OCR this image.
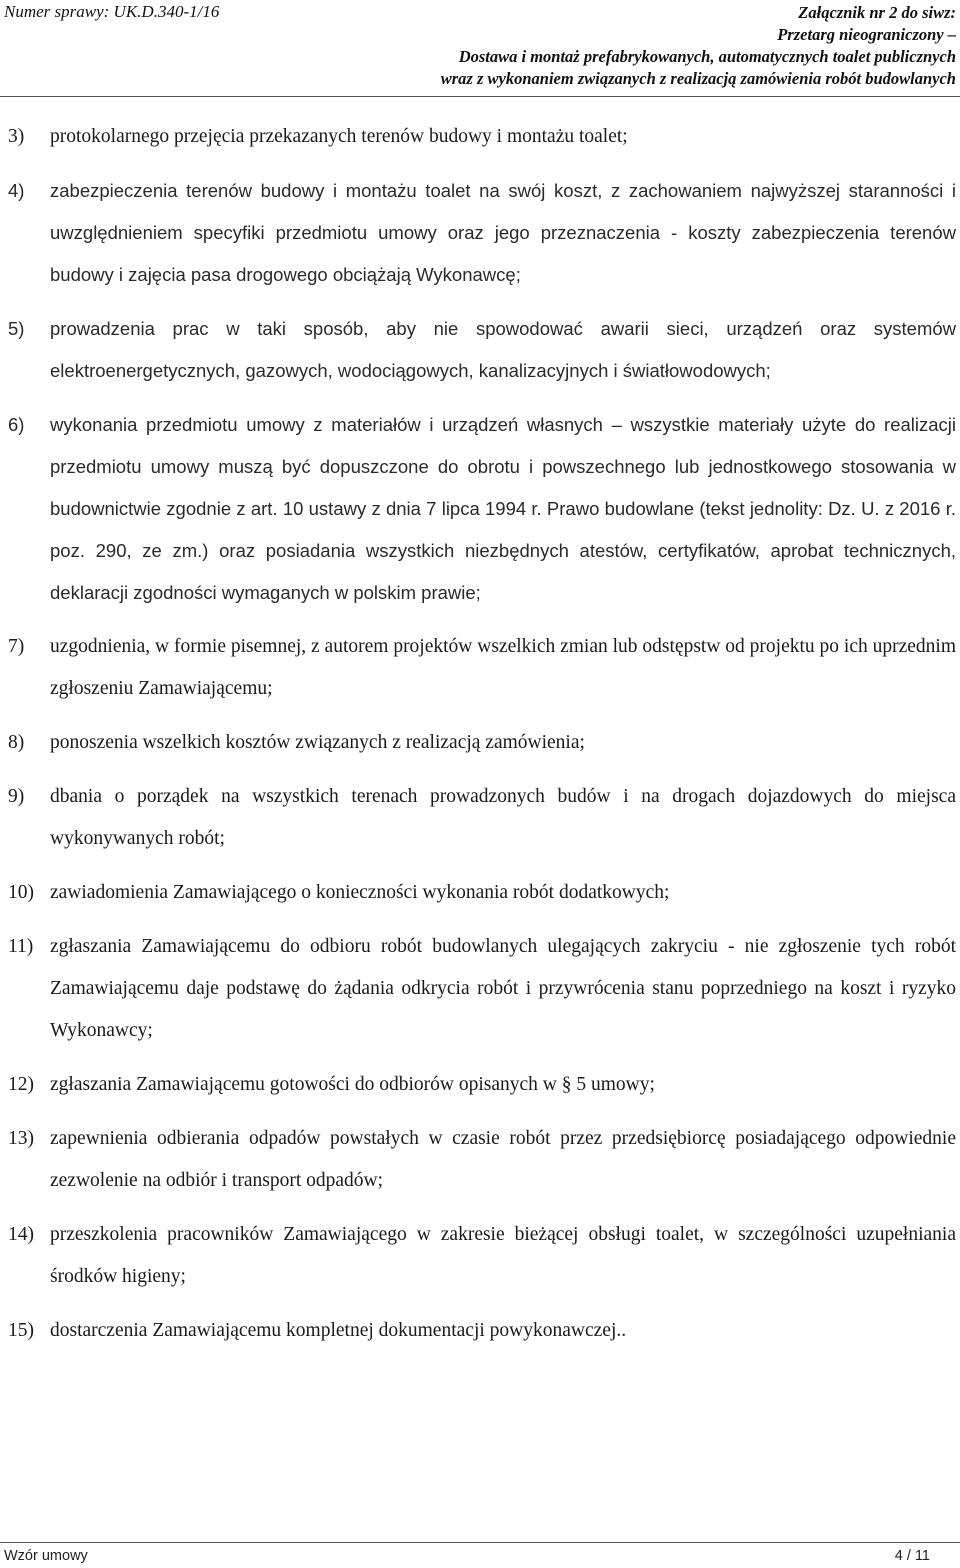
Numer sprawy: UK.D.340-1/16	Załącznik nr 2 do siwz:
Przetarg nieograniczony –
Dostawa i montaż prefabrykowanych, automatycznych toalet publicznych
wraz z wykonaniem związanych z realizacją zamówienia robót budowlanych
3) protokolarnego przejęcia przekazanych terenów budowy i montażu toalet;
4) zabezpieczenia terenów budowy i montażu toalet na swój koszt, z zachowaniem najwyższej staranności i uwzględnieniem specyfiki przedmiotu umowy oraz jego przeznaczenia - koszty zabezpieczenia terenów budowy i zajęcia pasa drogowego obciążają Wykonawcę;
5) prowadzenia prac w taki sposób, aby nie spowodować awarii sieci, urządzeń oraz systemów elektroenergetycznych, gazowych, wodociągowych, kanalizacyjnych i światłowodowych;
6) wykonania przedmiotu umowy z materiałów i urządzeń własnych – wszystkie materiały użyte do realizacji przedmiotu umowy muszą być dopuszczone do obrotu i powszechnego lub jednostkowego stosowania w budownictwie zgodnie z art. 10 ustawy z dnia 7 lipca 1994 r. Prawo budowlane (tekst jednolity: Dz. U. z 2016 r. poz. 290, ze zm.) oraz posiadania wszystkich niezbędnych atestów, certyfikatów, aprobat technicznych, deklaracji zgodności wymaganych w polskim prawie;
7) uzgodnienia, w formie pisemnej, z autorem projektów wszelkich zmian lub odstępstw od projektu po ich uprzednim zgłoszeniu Zamawiającemu;
8) ponoszenia wszelkich kosztów związanych z realizacją zamówienia;
9) dbania o porządek na wszystkich terenach prowadzonych budów i na drogach dojazdowych do miejsca wykonywanych robót;
10) zawiadomienia Zamawiającego o konieczności wykonania robót dodatkowych;
11) zgłaszania Zamawiającemu do odbioru robót budowlanych ulegających zakryciu - nie zgłoszenie tych robót Zamawiającemu daje podstawę do żądania odkrycia robót i przywrócenia stanu poprzedniego na koszt i ryzyko Wykonawcy;
12) zgłaszania Zamawiającemu gotowości do odbiorów opisanych w § 5 umowy;
13) zapewnienia odbierania odpadów powstałych w czasie robót przez przedsiębiorcę posiadającego odpowiednie zezwolenie na odbiór i transport odpadów;
14) przeszkolenia pracowników Zamawiającego w zakresie bieżącej obsługi toalet, w szczególności uzupełniania środków higieny;
15) dostarczenia Zamawiającemu kompletnej dokumentacji powykonawczej..
Wzór umowy	4 / 11
